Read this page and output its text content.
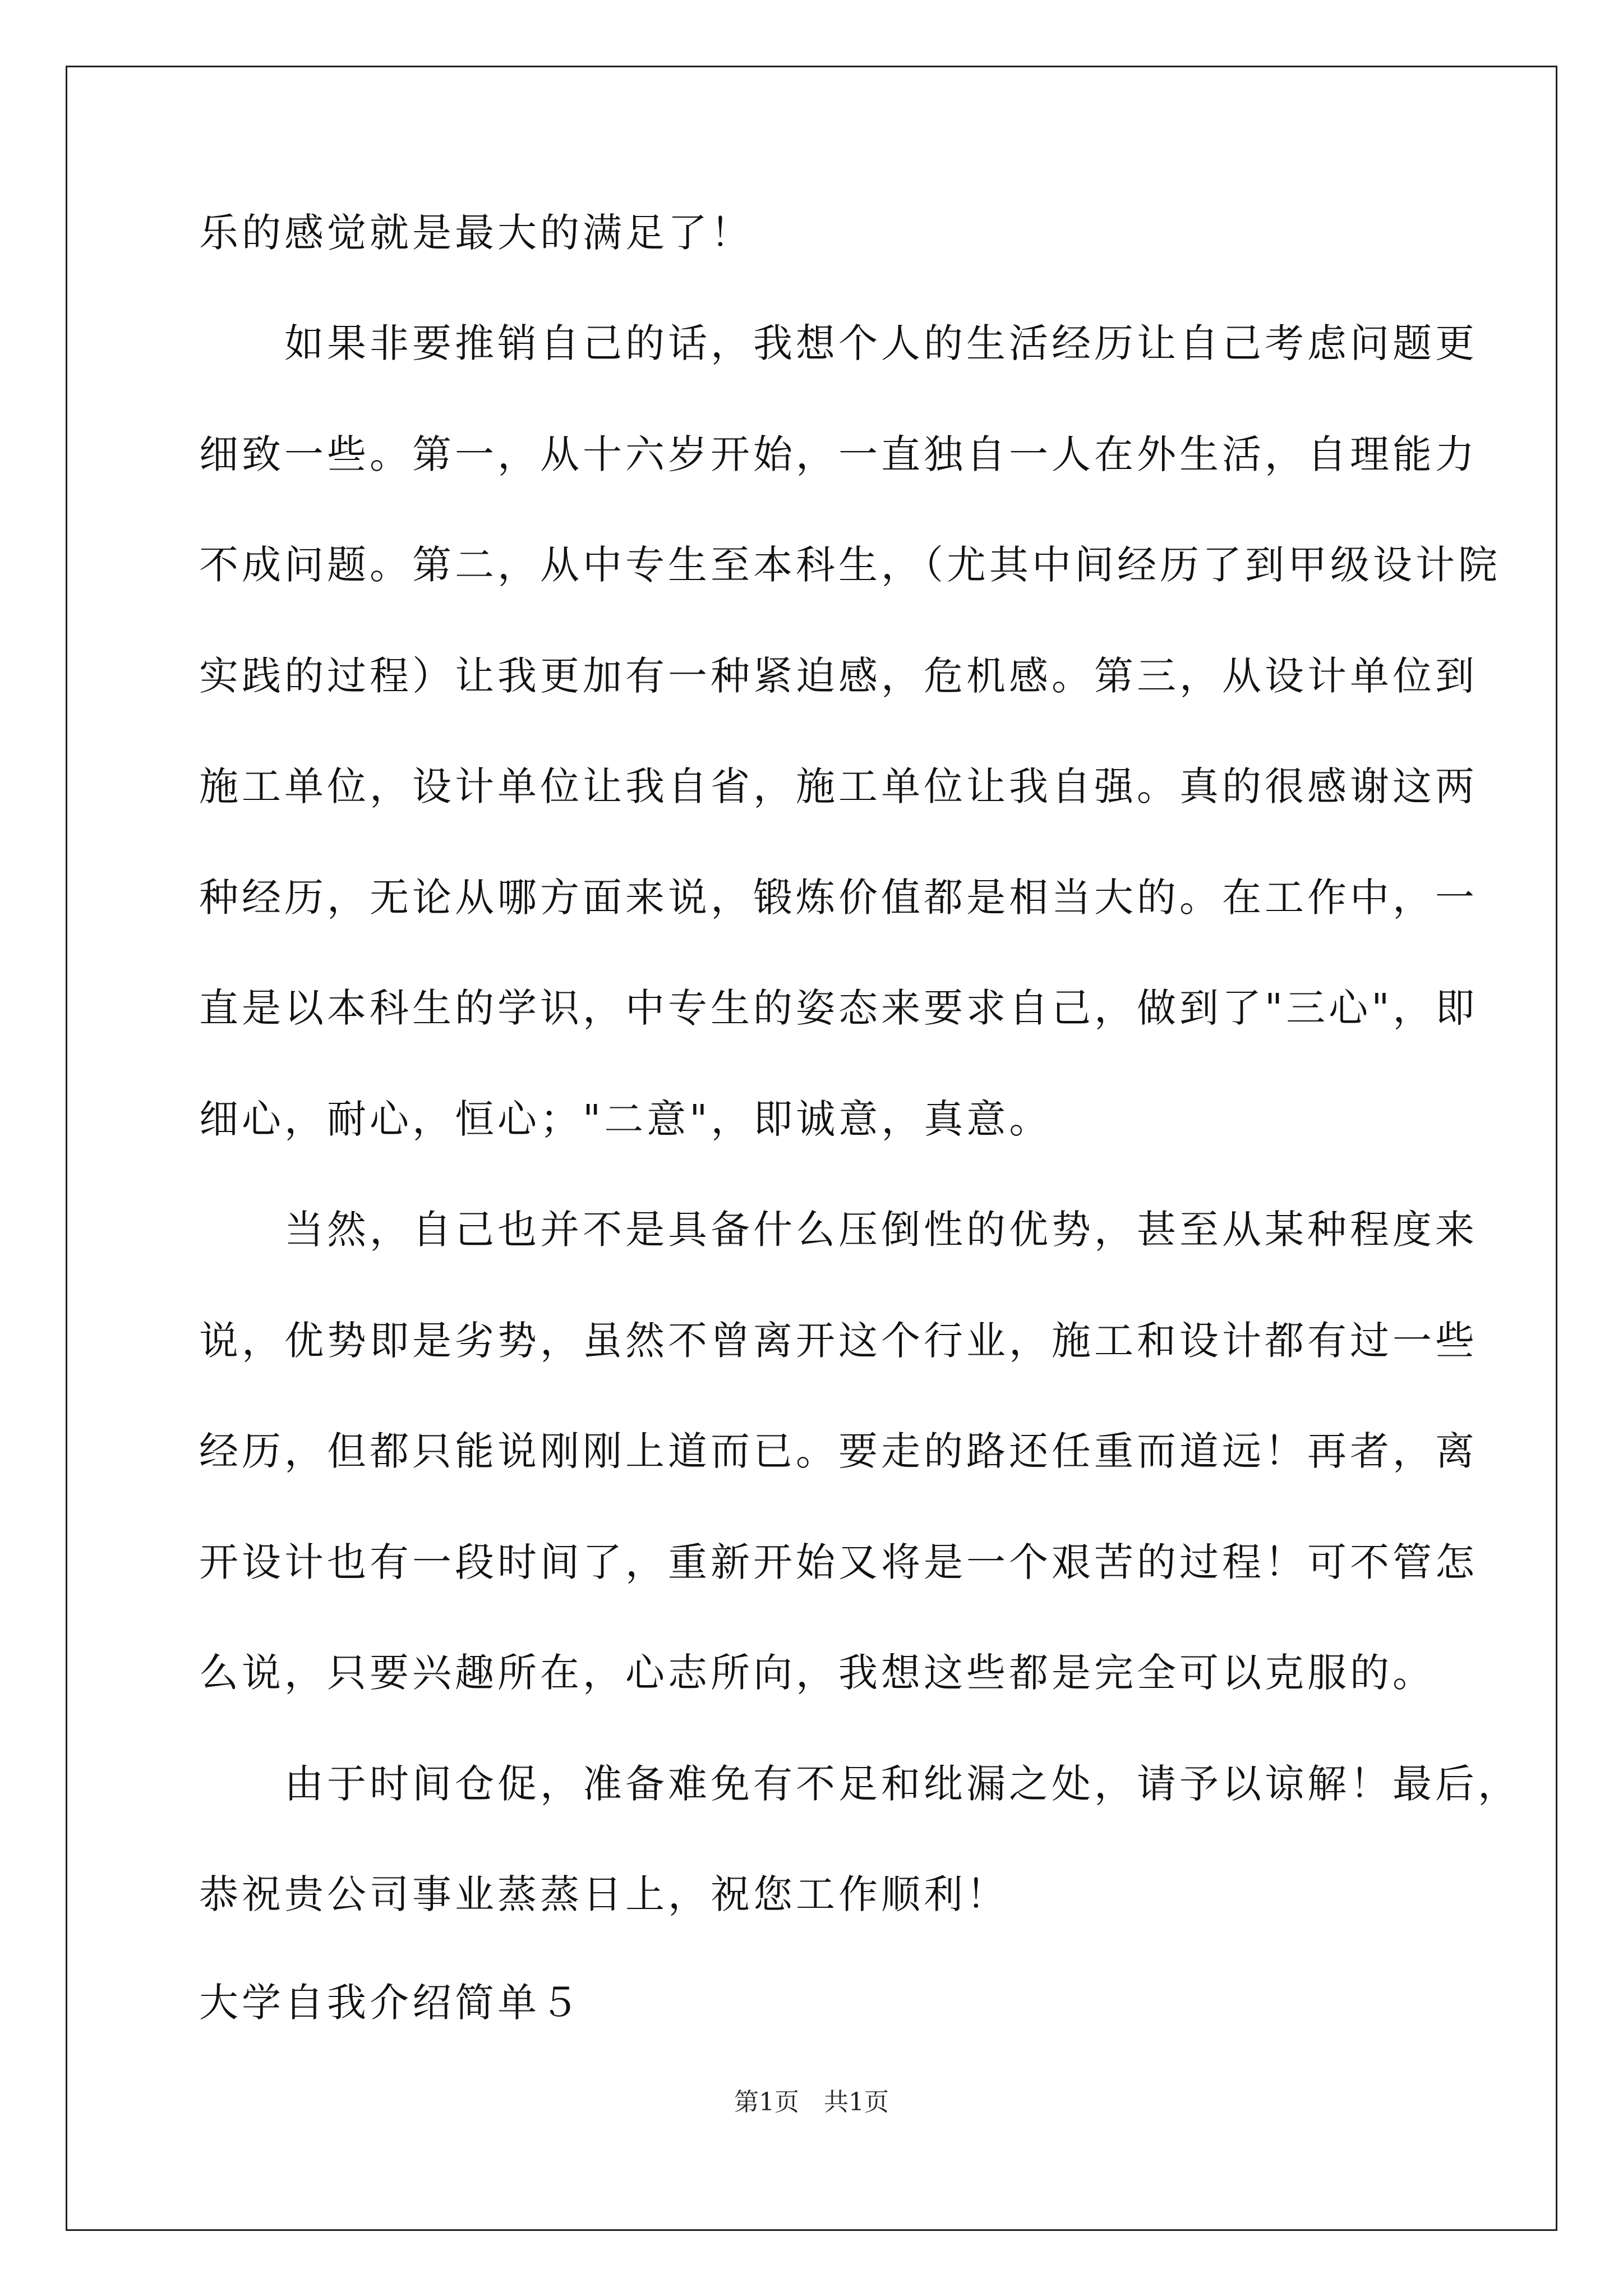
乐的感觉就是最大的满足了！
　　如果非要推销自己的话，我想个人的生活经历让自己考虑问题更
细致一些。第一，从十六岁开始，一直独自一人在外生活，自理能力
不成问题。第二，从中专生至本科生，（尤其中间经历了到甲级设计院
实践的过程）让我更加有一种紧迫感，危机感。第三，从设计单位到
施工单位，设计单位让我自省，施工单位让我自强。真的很感谢这两
种经历，无论从哪方面来说，锻炼价值都是相当大的。在工作中，一
直是以本科生的学识，中专生的姿态来要求自己，做到了"三心"，即
细心，耐心，恒心；"二意"，即诚意，真意。
　　当然，自己也并不是具备什么压倒性的优势，甚至从某种程度来
说，优势即是劣势，虽然不曾离开这个行业，施工和设计都有过一些
经历，但都只能说刚刚上道而已。要走的路还任重而道远！再者，离
开设计也有一段时间了，重新开始又将是一个艰苦的过程！可不管怎
么说，只要兴趣所在，心志所向，我想这些都是完全可以克服的。
　　由于时间仓促，准备难免有不足和纰漏之处，请予以谅解！最后，
恭祝贵公司事业蒸蒸日上，祝您工作顺利！
大学自我介绍简单５
第1页　共1页
